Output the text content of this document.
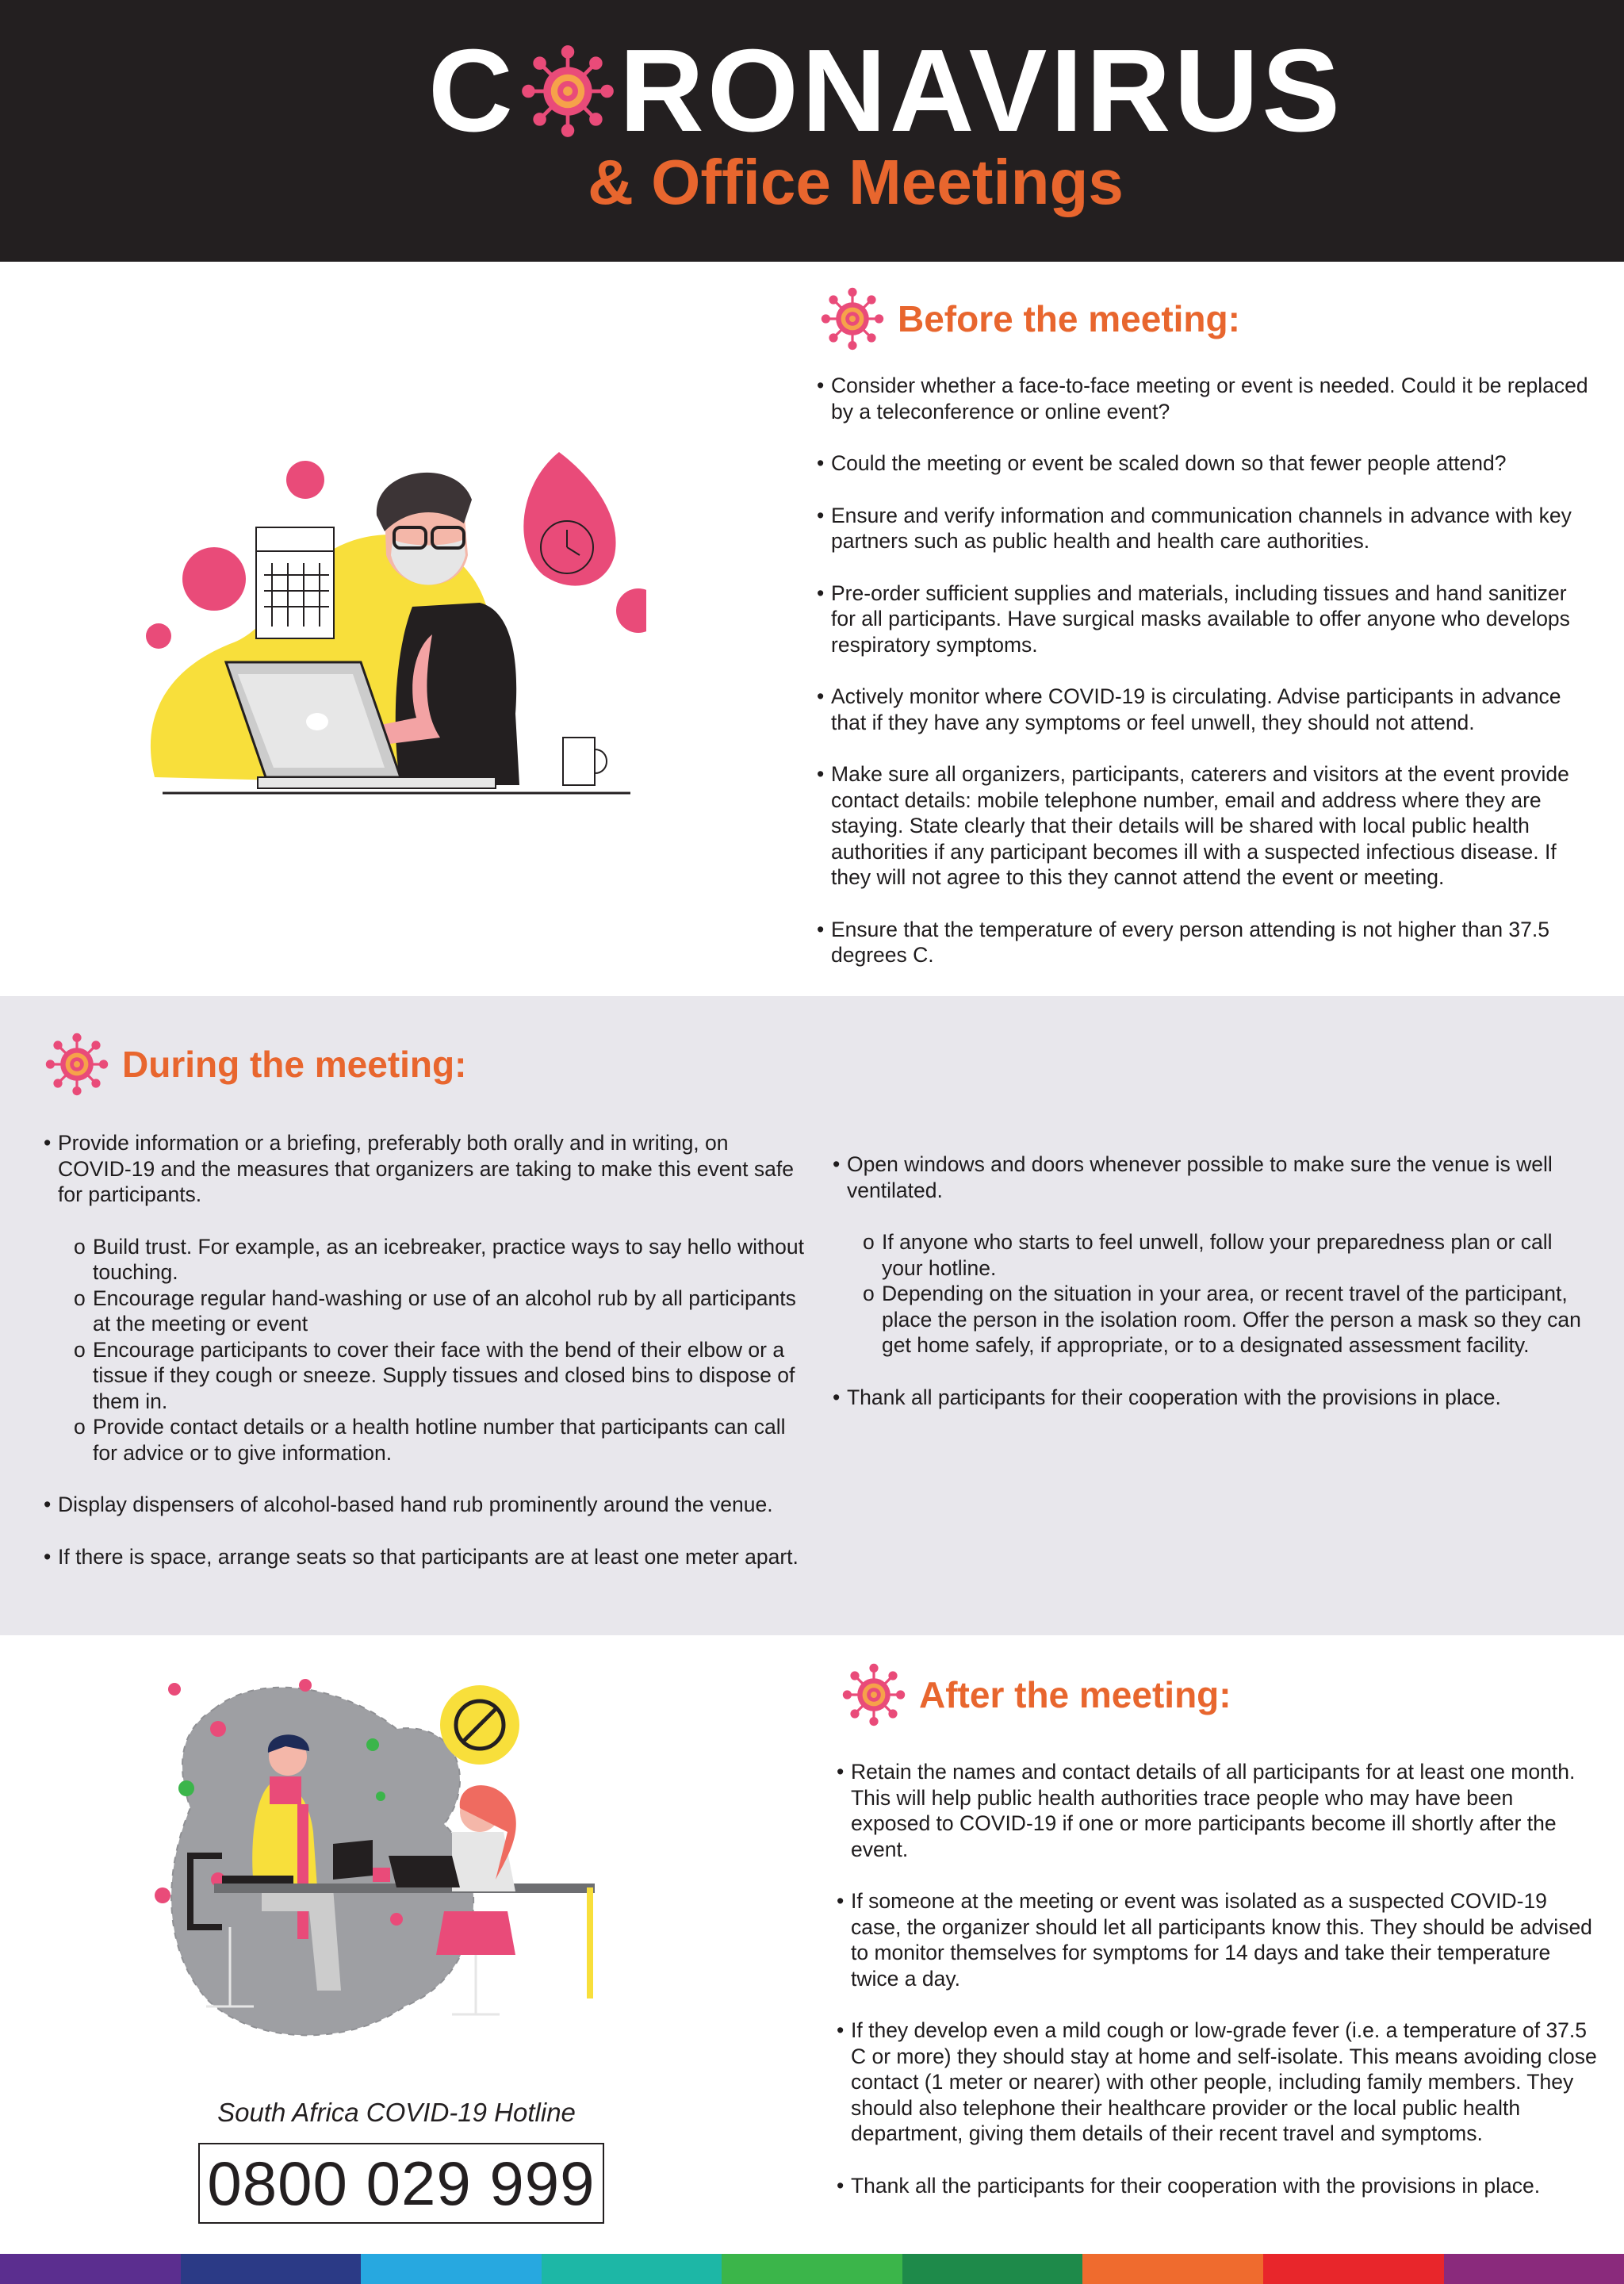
C RONAVIRUS
& Office Meetings
Before the meeting:
• Consider whether a face-to-face meeting or event is needed. Could it be replaced by a teleconference or online event?
• Could the meeting or event be scaled down so that fewer people attend?
• Ensure and verify information and communication channels in advance with key partners such as public health and health care authorities.
• Pre-order sufficient supplies and materials, including tissues and hand sanitizer for all participants. Have surgical masks available to offer anyone who develops respiratory symptoms.
• Actively monitor where COVID-19 is circulating. Advise participants in advance that if they have any symptoms or feel unwell, they should not attend.
• Make sure all organizers, participants, caterers and visitors at the event provide contact details: mobile telephone number, email and address where they are staying. State clearly that their details will be shared with local public health authorities if any participant becomes ill with a suspected infectious disease. If they will not agree to this they cannot attend the event or meeting.
• Ensure that the temperature of every person attending is not higher than 37.5 degrees C.
During the meeting:
• Provide information or a briefing, preferably both orally and in writing, on COVID-19 and the measures that organizers are taking to make this event safe for participants.
o Build trust. For example, as an icebreaker, practice ways to say hello without touching.
o Encourage regular hand-washing or use of an alcohol rub by all participants at the meeting or event
o Encourage participants to cover their face with the bend of their elbow or a tissue if they cough or sneeze. Supply tissues and closed bins to dispose of them in.
o Provide contact details or a health hotline number that participants can call for advice or to give information.
• Display dispensers of alcohol-based hand rub prominently around the venue.
• If there is space, arrange seats so that participants are at least one meter apart.
• Open windows and doors whenever possible to make sure the venue is well ventilated.
o If anyone who starts to feel unwell, follow your preparedness plan or call your hotline.
o Depending on the situation in your area, or recent travel of the participant, place the person in the isolation room. Offer the person a mask so they can get home safely, if appropriate, or to a designated assessment facility.
• Thank all participants for their cooperation with the provisions in place.
South Africa COVID-19 Hotline
0800 029 999
After the meeting:
• Retain the names and contact details of all participants for at least one month. This will help public health authorities trace people who may have been exposed to COVID-19 if one or more participants become ill shortly after the event.
• If someone at the meeting or event was isolated as a suspected COVID-19 case, the organizer should let all participants know this. They should be advised to monitor themselves for symptoms for 14 days and take their temperature twice a day.
• If they develop even a mild cough or low-grade fever (i.e. a temperature of 37.5 C or more) they should stay at home and self-isolate. This means avoiding close contact (1 meter or nearer) with other people, including family members. They should also telephone their healthcare provider or the local public health department, giving them details of their recent travel and symptoms.
• Thank all the participants for their cooperation with the provisions in place.
